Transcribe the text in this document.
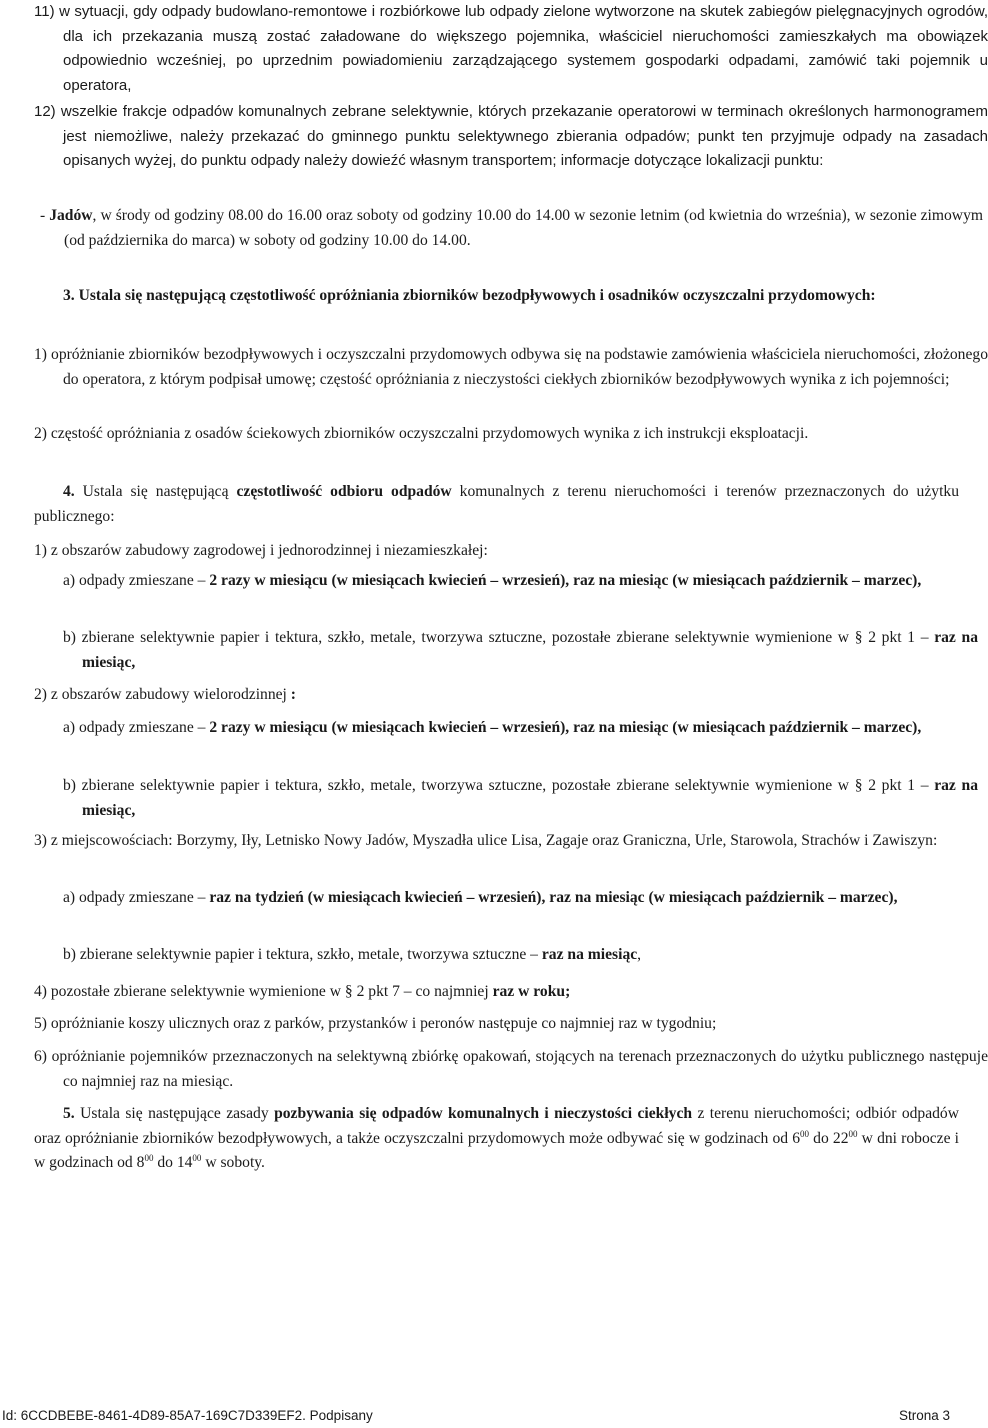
11) w sytuacji, gdy odpady budowlano-remontowe i rozbiórkowe lub odpady zielone wytworzone na skutek zabiegów pielęgnacyjnych ogrodów, dla ich przekazania muszą zostać załadowane do większego pojemnika, właściciel nieruchomości zamieszkałych ma obowiązek odpowiednio wcześniej, po uprzednim powiadomieniu zarządzającego systemem gospodarki odpadami, zamówić taki pojemnik u operatora,

12) wszelkie frakcje odpadów komunalnych zebrane selektywnie, których przekazanie operatorowi w terminach określonych harmonogramem jest niemożliwe, należy przekazać do gminnego punktu selektywnego zbierania odpadów; punkt ten przyjmuje odpady na zasadach opisanych wyżej, do punktu odpady należy dowieźć własnym transportem; informacje dotyczące lokalizacji punktu:

- Jadów, w środy od godziny 08.00 do 16.00 oraz soboty od godziny 10.00 do 14.00 w sezonie letnim (od kwietnia do września), w sezonie zimowym (od października do marca) w soboty od godziny 10.00 do 14.00.

3. Ustala się następującą częstotliwość opróżniania zbiorników bezodpływowych i osadników oczyszczalni przydomowych:

1) opróżnianie zbiorników bezodpływowych i oczyszczalni przydomowych odbywa się na podstawie zamówienia właściciela nieruchomości, złożonego do operatora, z którym podpisał umowę; częstość opróżniania z nieczystości ciekłych zbiorników bezodpływowych wynika z ich pojemności;

2) częstość opróżniania z osadów ściekowych zbiorników oczyszczalni przydomowych wynika z ich instrukcji eksploatacji.

4. Ustala się następującą częstotliwość odbioru odpadów komunalnych z terenu nieruchomości i terenów przeznaczonych do użytku publicznego:

1) z obszarów zabudowy zagrodowej i jednorodzinnej i niezamieszkałej:

a) odpady zmieszane – 2 razy w miesiącu (w miesiącach kwiecień – wrzesień), raz na miesiąc (w miesiącach październik – marzec),

b) zbierane selektywnie papier i tektura, szkło, metale, tworzywa sztuczne, pozostałe zbierane selektywnie wymienione w § 2 pkt 1 – raz na miesiąc,

2) z obszarów zabudowy wielorodzinnej :

a) odpady zmieszane – 2 razy w miesiącu (w miesiącach kwiecień – wrzesień), raz na miesiąc (w miesiącach październik – marzec),

b) zbierane selektywnie papier i tektura, szkło, metale, tworzywa sztuczne, pozostałe zbierane selektywnie wymienione w § 2 pkt 1 – raz na miesiąc,

3) z miejscowościach: Borzymy, Iły, Letnisko Nowy Jadów, Myszadła ulice Lisa, Zagaje oraz Graniczna, Urle, Starowola, Strachów i Zawiszyn:

a) odpady zmieszane – raz na tydzień (w miesiącach kwiecień – wrzesień), raz na miesiąc (w miesiącach październik – marzec),

b) zbierane selektywnie papier i tektura, szkło, metale, tworzywa sztuczne – raz na miesiąc,

4) pozostałe zbierane selektywnie wymienione w § 2 pkt 7 – co najmniej raz w roku;

5) opróżnianie koszy ulicznych oraz z parków, przystanków i peronów następuje co najmniej raz w tygodniu;

6) opróżnianie pojemników przeznaczonych na selektywną zbiórkę opakowań, stojących na terenach przeznaczonych do użytku publicznego następuje co najmniej raz na miesiąc.

5. Ustala się następujące zasady pozbywania się odpadów komunalnych i nieczystości ciekłych z terenu nieruchomości; odbiór odpadów oraz opróżnianie zbiorników bezodpływowych, a także oczyszczalni przydomowych może odbywać się w godzinach od $6^{00}$ do $22^{00}$ w dni robocze i w godzinach od $8^{00}$ do $14^{00}$ w soboty.

Id: 6CCDBEBE-8461-4D89-85A7-169C7D339EF2. Podpisany	Strona 3
